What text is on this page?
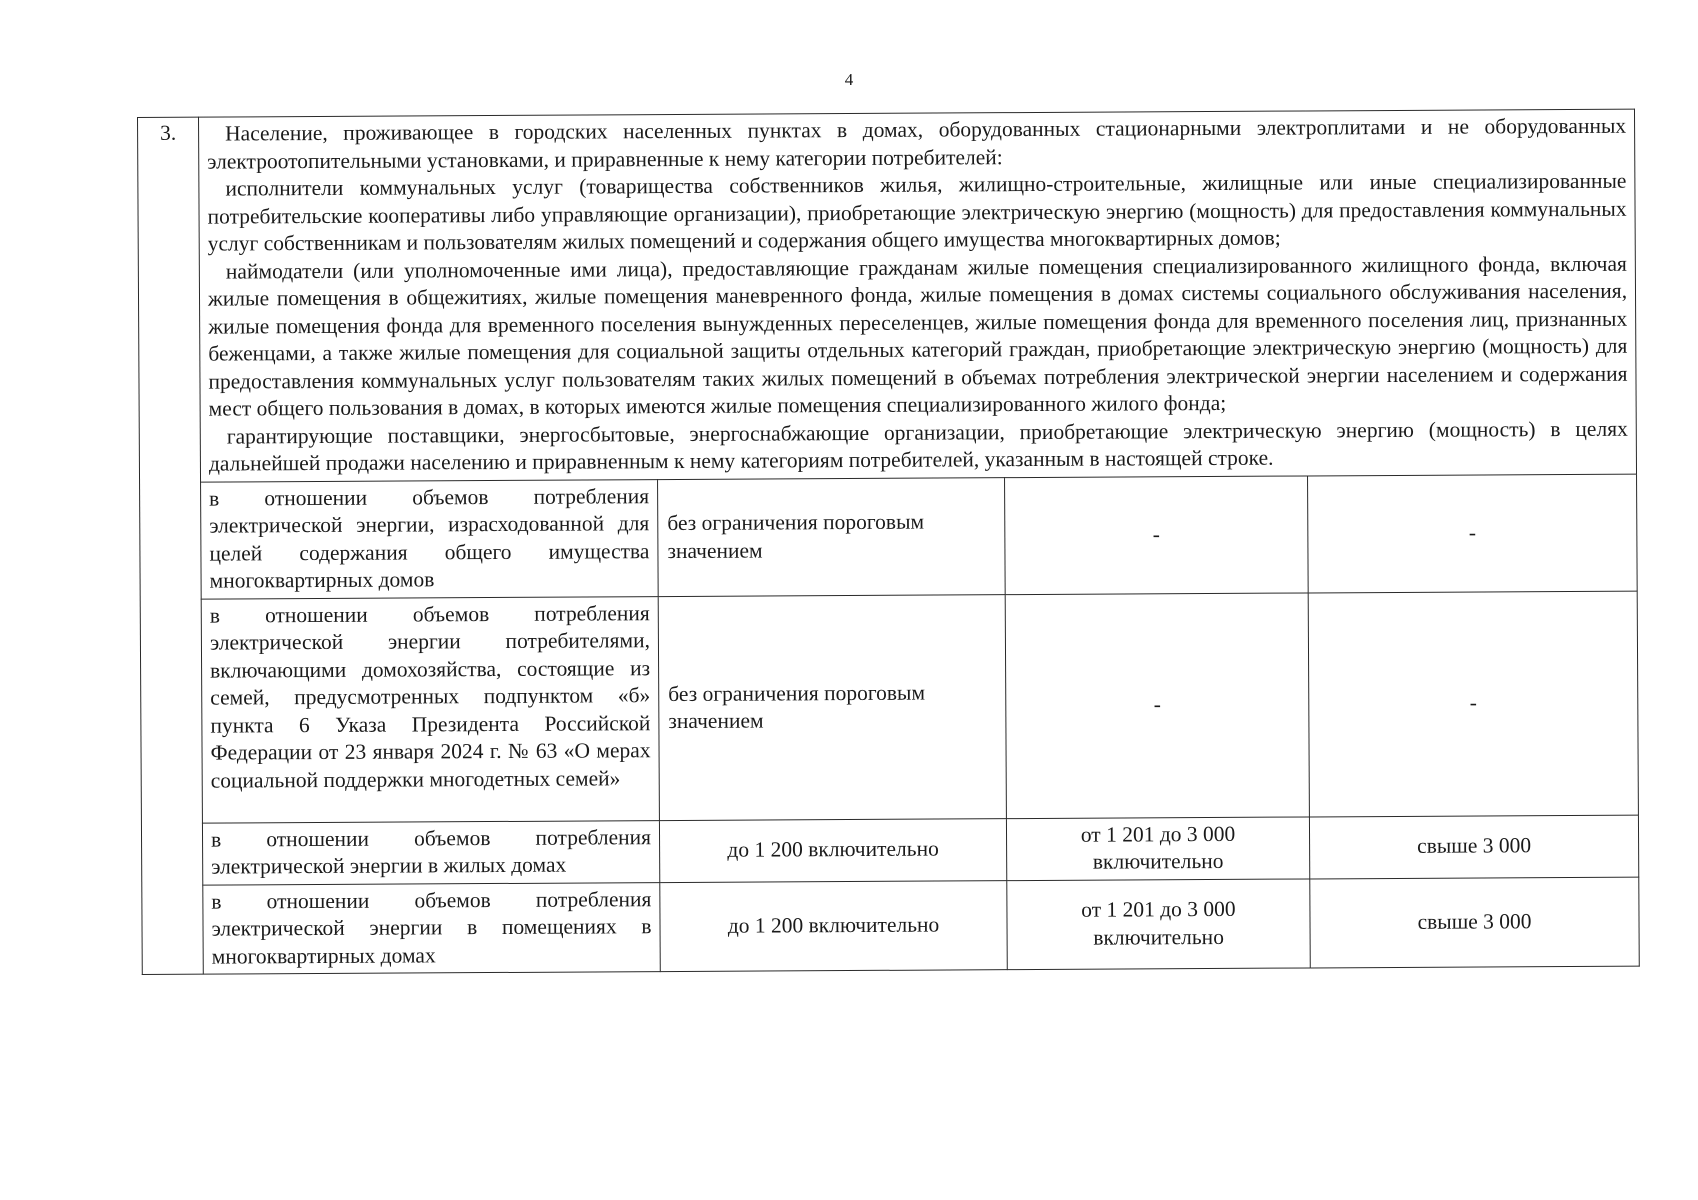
4
3.	Население, проживающее в городских населенных пунктах в домах, оборудованных стационарными электроплитами и не оборудованных электроотопительными установками, и приравненные к нему категории потребителей:

исполнители коммунальных услуг (товарищества собственников жилья, жилищно-строительные, жилищные или иные специализированные потребительские кооперативы либо управляющие организации), приобретающие электрическую энергию (мощность) для предоставления коммунальных услуг собственникам и пользователям жилых помещений и содержания общего имущества многоквартирных домов;

наймодатели (или уполномоченные ими лица), предоставляющие гражданам жилые помещения специализированного жилищного фонда, включая жилые помещения в общежитиях, жилые помещения маневренного фонда, жилые помещения в домах системы социального обслуживания населения, жилые помещения фонда для временного поселения вынужденных переселенцев, жилые помещения фонда для временного поселения лиц, признанных беженцами, а также жилые помещения для социальной защиты отдельных категорий граждан, приобретающие электрическую энергию (мощность) для предоставления коммунальных услуг пользователям таких жилых помещений в объемах потребления электрической энергии населением и содержания мест общего пользования в домах, в которых имеются жилые помещения специализированного жилого фонда;

гарантирующие поставщики, энергосбытовые, энергоснабжающие организации, приобретающие электрическую энергию (мощность) в целях дальнейшей продажи населению и приравненным к нему категориям потребителей, указанным в настоящей строке.			

	в отношении объемов потребления электрической энергии, израсходованной для целей содержания общего имущества многоквартирных домов	без ограничения пороговым значением	-	-
	в отношении объемов потребления электрической энергии потребителями, включающими домохозяйства, состоящие из семей, предусмотренных подпунктом «б» пункта 6 Указа Президента Российской Федерации от 23 января 2024 г. № 63 «О мерах социальной поддержки многодетных семей»	без ограничения пороговым значением	-	-
	в отношении объемов потребления электрической энергии в жилых домах	до 1 200 включительно	от 1 201 до 3 000 включительно	свыше 3 000
	в отношении объемов потребления электрической энергии в помещениях в многоквартирных домах	до 1 200 включительно	от 1 201 до 3 000 включительно	свыше 3 000
